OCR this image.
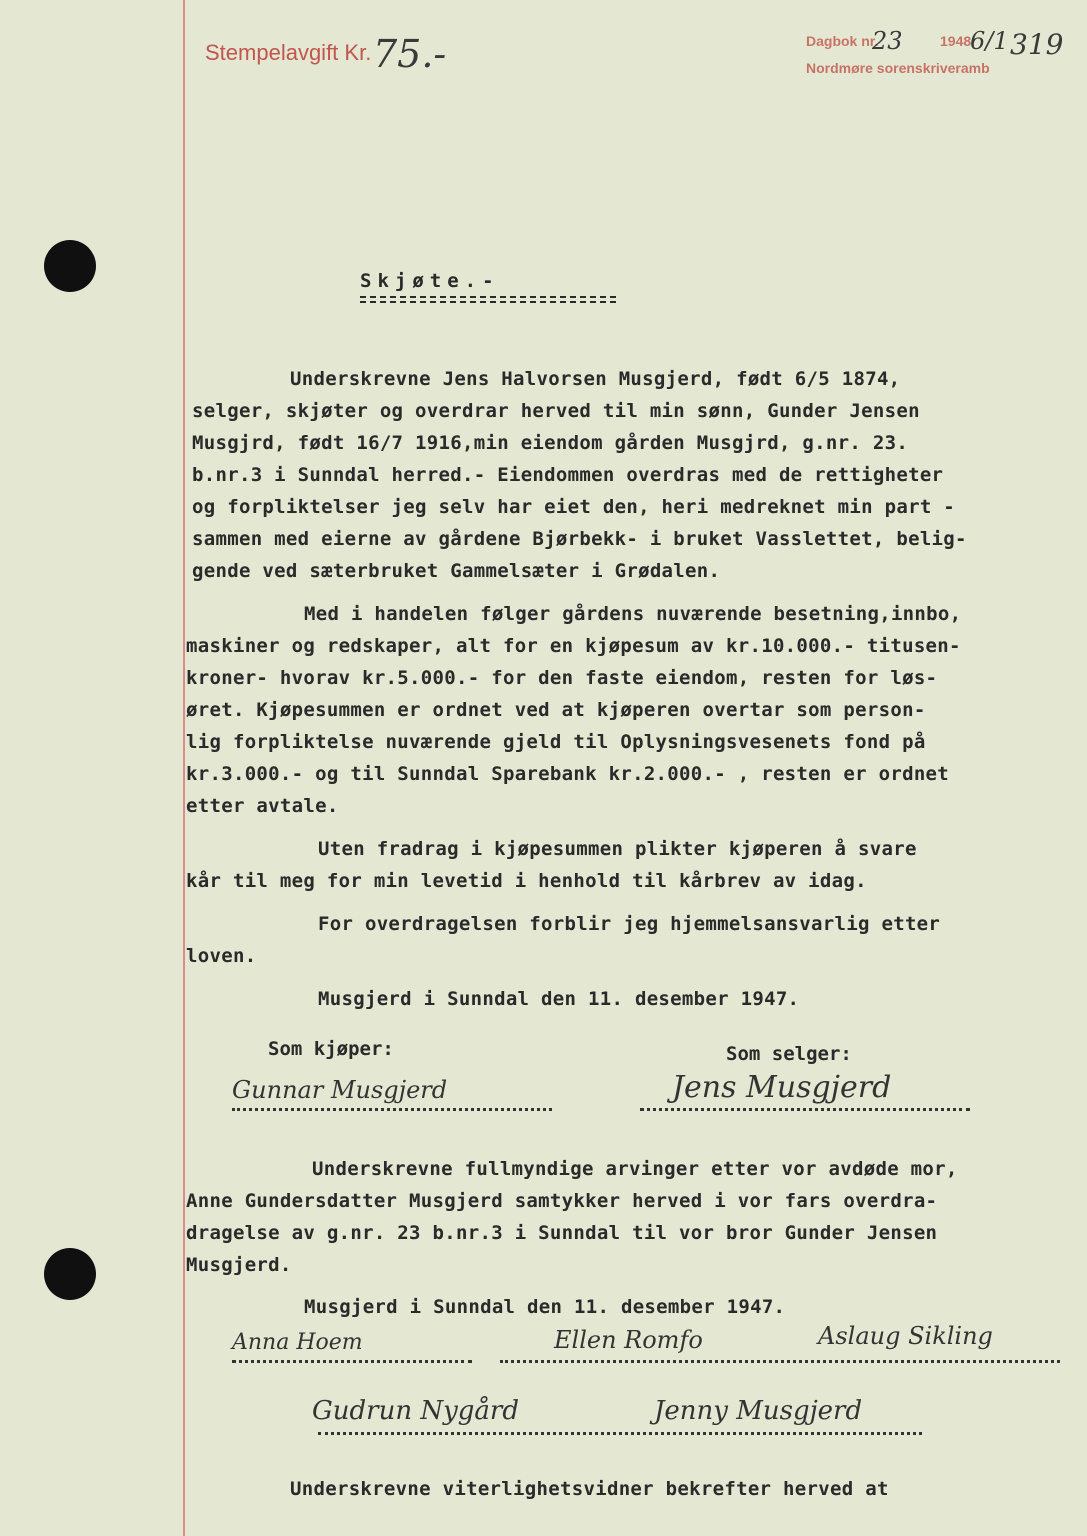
Stempelavgift Kr. 75.-	Dagbok nr.
23	1948.
6/1
Nordmøre sorenskriveramb
319
Skjøte.-
Underskrevne Jens Halvorsen Musgjerd, født 6/5 1874,
selger, skjøter og overdrar herved til min sønn, Gunder Jensen
Musgjrd, født 16/7 1916,min eiendom gården Musgjrd, g.nr. 23.
b.nr.3 i Sunndal herred.- Eiendommen overdras med de rettigheter
og forpliktelser jeg selv har eiet den, heri medreknet min part -
sammen med eierne av gårdene Bjørbekk- i bruket Vasslettet, belig-
gende ved sæterbruket Gammelsæter i Grødalen.
Med i handelen følger gårdens nuværende besetning,innbo,
maskiner og redskaper, alt for en kjøpesum av kr.10.000.- titusen-
kroner- hvorav kr.5.000.- for den faste eiendom, resten for løs-
øret. Kjøpesummen er ordnet ved at kjøperen overtar som person-
lig forpliktelse nuværende gjeld til Oplysningsvesenets fond på
kr.3.000.- og til Sunndal Sparebank kr.2.000.- , resten er ordnet
etter avtale.
Uten fradrag i kjøpesummen plikter kjøperen å svare
kår til meg for min levetid i henhold til kårbrev av idag.
For overdragelsen forblir jeg hjemmelsansvarlig etter
loven.
Musgjerd i Sunndal den 11. desember 1947.
Som kjøper:	Som selger:
Gunnar Musgjerd	Jens Musgjerd
Underskrevne fullmyndige arvinger etter vor avdøde mor,
Anne Gundersdatter Musgjerd samtykker herved i vor fars overdra-
dragelse av g.nr. 23 b.nr.3 i Sunndal til vor bror Gunder Jensen
Musgjerd.
Musgjerd i Sunndal den 11. desember 1947.
Anna Hoem	Ellen Romfo	Aslaug Sikling
Gudrun Nygård	Jenny Musgjerd
Underskrevne viterlighetsvidner bekrefter herved at
